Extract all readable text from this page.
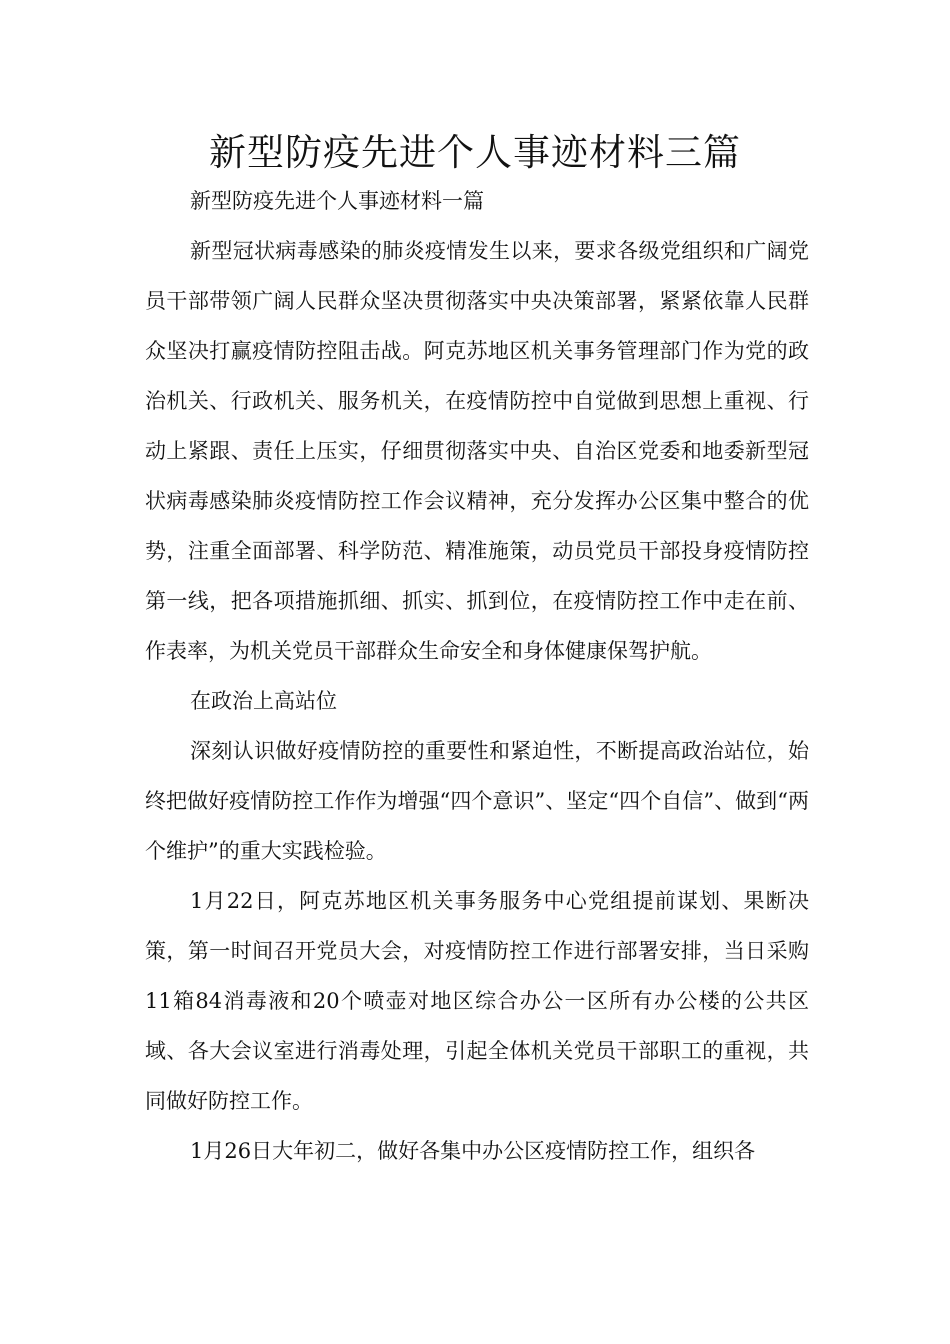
新型防疫先进个人事迹材料三篇

新型防疫先进个人事迹材料一篇

新型冠状病毒感染的肺炎疫情发生以来，要求各级党组织和广阔党员干部带领广阔人民群众坚决贯彻落实中央决策部署，紧紧依靠人民群众坚决打赢疫情防控阻击战。阿克苏地区机关事务管理部门作为党的政治机关、行政机关、服务机关，在疫情防控中自觉做到思想上重视、行动上紧跟、责任上压实，仔细贯彻落实中央、自治区党委和地委新型冠状病毒感染肺炎疫情防控工作会议精神，充分发挥办公区集中整合的优势，注重全面部署、科学防范、精准施策，动员党员干部投身疫情防控第一线，把各项措施抓细、抓实、抓到位，在疫情防控工作中走在前、作表率，为机关党员干部群众生命安全和身体健康保驾护航。

在政治上高站位

深刻认识做好疫情防控的重要性和紧迫性，不断提高政治站位，始终把做好疫情防控工作作为增强“四个意识”、坚定“四个自信”、做到“两个维护”的重大实践检验。

1月22日，阿克苏地区机关事务服务中心党组提前谋划、果断决策，第一时间召开党员大会，对疫情防控工作进行部署安排，当日采购11箱84消毒液和20个喷壶对地区综合办公一区所有办公楼的公共区域、各大会议室进行消毒处理，引起全体机关党员干部职工的重视，共同做好防控工作。

1月26日大年初二，做好各集中办公区疫情防控工作，组织各
